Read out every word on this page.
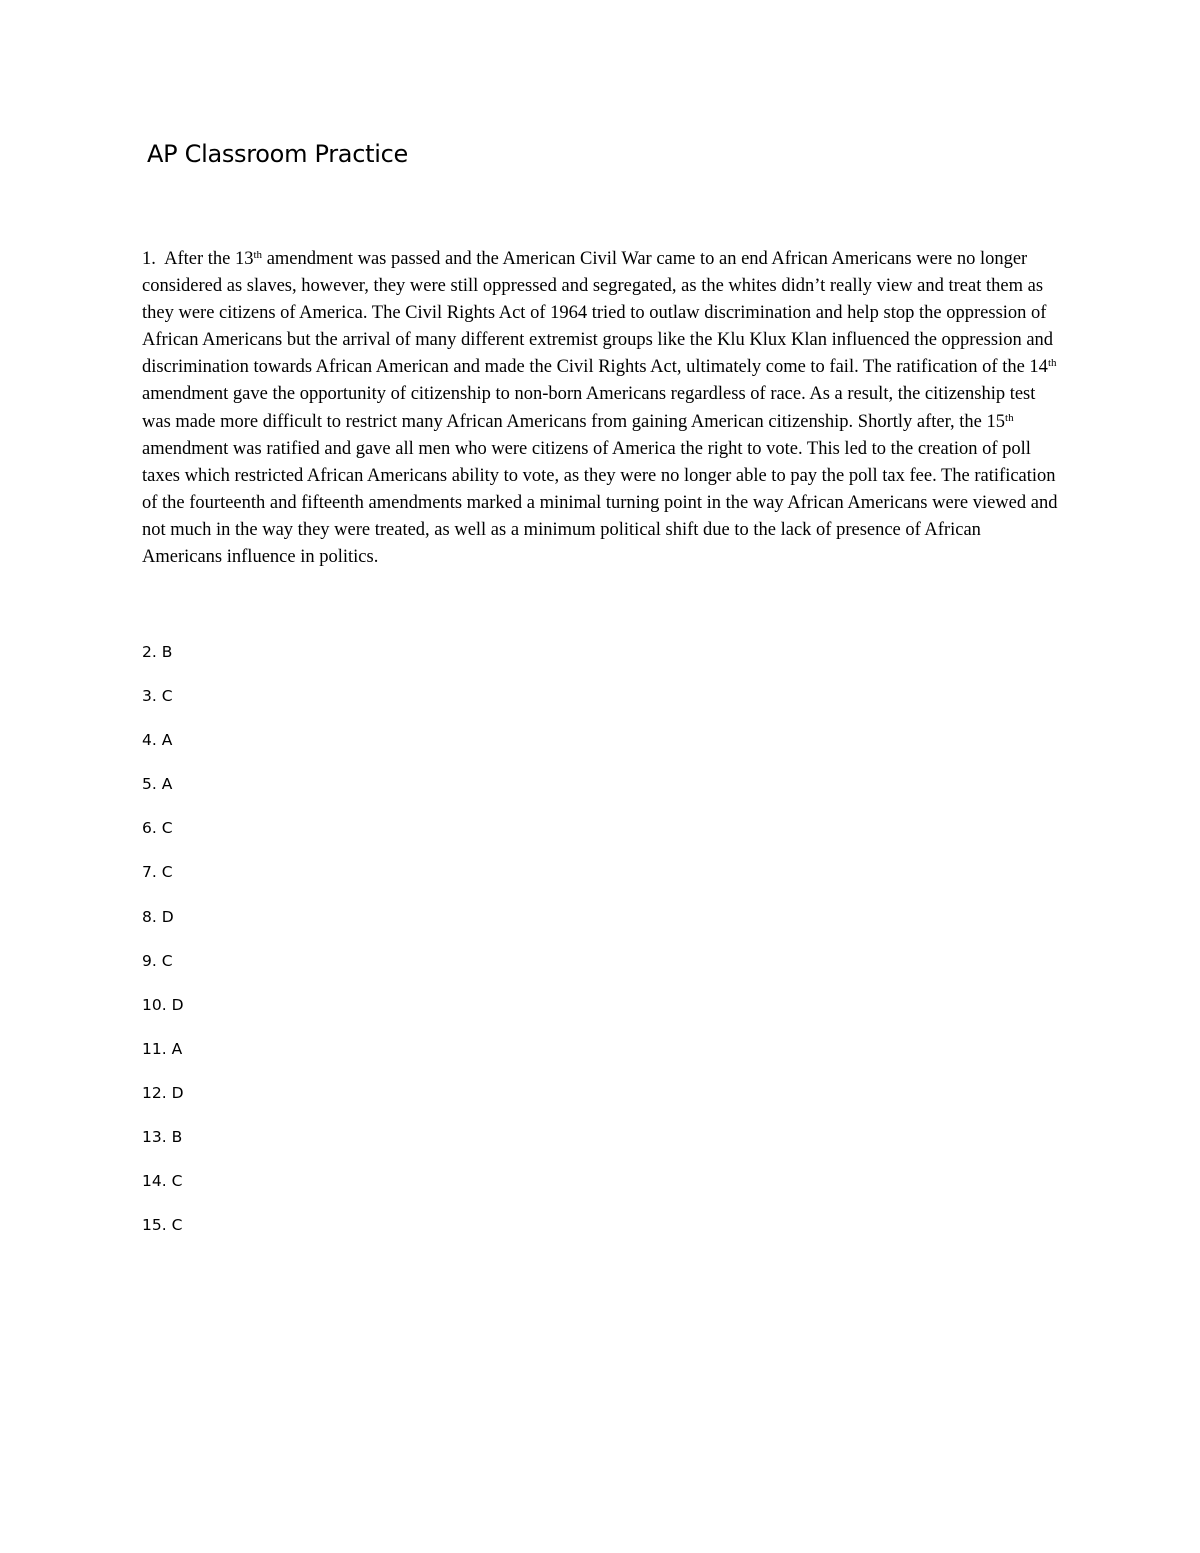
AP Classroom Practice

1. After the 13th amendment was passed and the American Civil War came to an end African Americans were no longer considered as slaves, however, they were still oppressed and segregated, as the whites didn’t really view and treat them as they were citizens of America. The Civil Rights Act of 1964 tried to outlaw discrimination and help stop the oppression of African Americans but the arrival of many different extremist groups like the Klu Klux Klan influenced the oppression and discrimination towards African American and made the Civil Rights Act, ultimately come to fail. The ratification of the 14th amendment gave the opportunity of citizenship to non-born Americans regardless of race. As a result, the citizenship test was made more difficult to restrict many African Americans from gaining American citizenship. Shortly after, the 15th amendment was ratified and gave all men who were citizens of America the right to vote. This led to the creation of poll taxes which restricted African Americans ability to vote, as they were no longer able to pay the poll tax fee. The ratification of the fourteenth and fifteenth amendments marked a minimal turning point in the way African Americans were viewed and not much in the way they were treated, as well as a minimum political shift due to the lack of presence of African Americans influence in politics.

2. B
3. C
4. A
5. A
6. C
7. C
8. D
9. C
10. D
11. A
12. D
13. B
14. C
15. C
